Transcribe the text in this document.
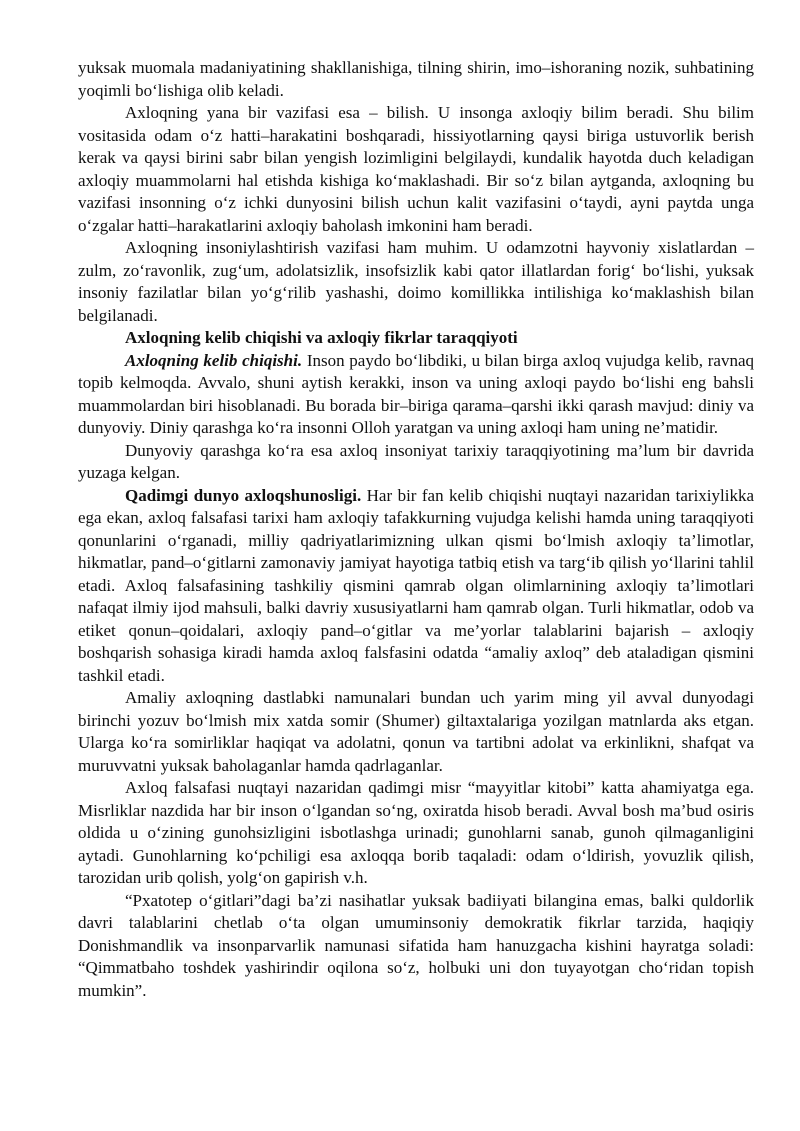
yuksak muomala madaniyatining shakllanishiga, tilning shirin, imo–ishoraning nozik, suhbatining yoqimli bo‘lishiga olib keladi.

Axloqning yana bir vazifasi esa – bilish. U insonga axloqiy bilim beradi. Shu bilim vositasida odam o‘z hatti–harakatini boshqaradi, hissiyotlarning qaysi biriga ustuvorlik berish kerak va qaysi birini sabr bilan yengish lozimligini belgilaydi, kundalik hayotda duch keladigan axloqiy muammolarni hal etishda kishiga ko‘maklashadi. Bir so‘z bilan aytganda, axloqning bu vazifasi insonning o‘z ichki dunyosini bilish uchun kalit vazifasini o‘taydi, ayni paytda unga o‘zgalar hatti–harakatlarini axloqiy baholash imkonini ham beradi.

Axloqning insoniylashtirish vazifasi ham muhim. U odamzotni hayvoniy xislatlardan – zulm, zo‘ravonlik, zug‘um, adolatsizlik, insofsizlik kabi qator illatlardan forig‘ bo‘lishi, yuksak insoniy fazilatlar bilan yo‘g‘rilib yashashi, doimo komillikka intilishiga ko‘maklashish bilan belgilanadi.

Axloqning kelib chiqishi va axloqiy fikrlar taraqqiyoti

Axloqning kelib chiqishi. Inson paydo bo‘libdiki, u bilan birga axloq vujudga kelib, ravnaq topib kelmoqda. Avvalo, shuni aytish kerakki, inson va uning axloqi paydo bo‘lishi eng bahsli muammolardan biri hisoblanadi. Bu borada bir–biriga qarama–qarshi ikki qarash mavjud: diniy va dunyoviy. Diniy qarashga ko‘ra insonni Olloh yaratgan va uning axloqi ham uning ne’matidir.

Dunyoviy qarashga ko‘ra esa axloq insoniyat tarixiy taraqqiyotining ma’lum bir davrida yuzaga kelgan.

Qadimgi dunyo axloqshunosligi. Har bir fan kelib chiqishi nuqtayi nazaridan tarixiylikka ega ekan, axloq falsafasi tarixi ham axloqiy tafakkurning vujudga kelishi hamda uning taraqqiyoti qonunlarini o‘rganadi, milliy qadriyatlarimizning ulkan qismi bo‘lmish axloqiy ta’limotlar, hikmatlar, pand–o‘gitlarni zamonaviy jamiyat hayotiga tatbiq etish va targ‘ib qilish yo‘llarini tahlil etadi. Axloq falsafasining tashkiliy qismini qamrab olgan olimlarnining axloqiy ta’limotlari nafaqat ilmiy ijod mahsuli, balki davriy xususiyatlarni ham qamrab olgan. Turli hikmatlar, odob va etiket qonun–qoidalari, axloqiy pand–o‘gitlar va me’yorlar talablarini bajarish – axloqiy boshqarish sohasiga kiradi hamda axloq falsfasini odatda “amaliy axloq” deb ataladigan qismini tashkil etadi.

Amaliy axloqning dastlabki namunalari bundan uch yarim ming yil avval dunyodagi birinchi yozuv bo‘lmish mix xatda somir (Shumer) giltaxtalariga yozilgan matnlarda aks etgan. Ularga ko‘ra somirliklar haqiqat va adolatni, qonun va tartibni adolat va erkinlikni, shafqat va muruvvatni yuksak baholaganlar hamda qadrlaganlar.

Axloq falsafasi nuqtayi nazaridan qadimgi misr “mayyitlar kitobi” katta ahamiyatga ega. Misrliklar nazdida har bir inson o‘lgandan so‘ng, oxiratda hisob beradi. Avval bosh ma’bud osiris oldida u o‘zining gunohsizligini isbotlashga urinadi; gunohlarni sanab, gunoh qilmaganligini aytadi. Gunohlarning ko‘pchiligi esa axloqqa borib taqaladi: odam o‘ldirish, yovuzlik qilish, tarozidan urib qolish, yolg‘on gapirish v.h.

“Pxatotep o‘gitlari”dagi ba’zi nasihatlar yuksak badiiyati bilangina emas, balki quldorlik davri talablarini chetlab o‘ta olgan umuminsoniy demokratik fikrlar tarzida, haqiqiy Donishmandlik va insonparvarlik namunasi sifatida ham hanuzgacha kishini hayratga soladi: “Qimmatbaho toshdek yashirindir oqilona so‘z, holbuki uni don tuyayotgan cho‘ridan topish mumkin”.
